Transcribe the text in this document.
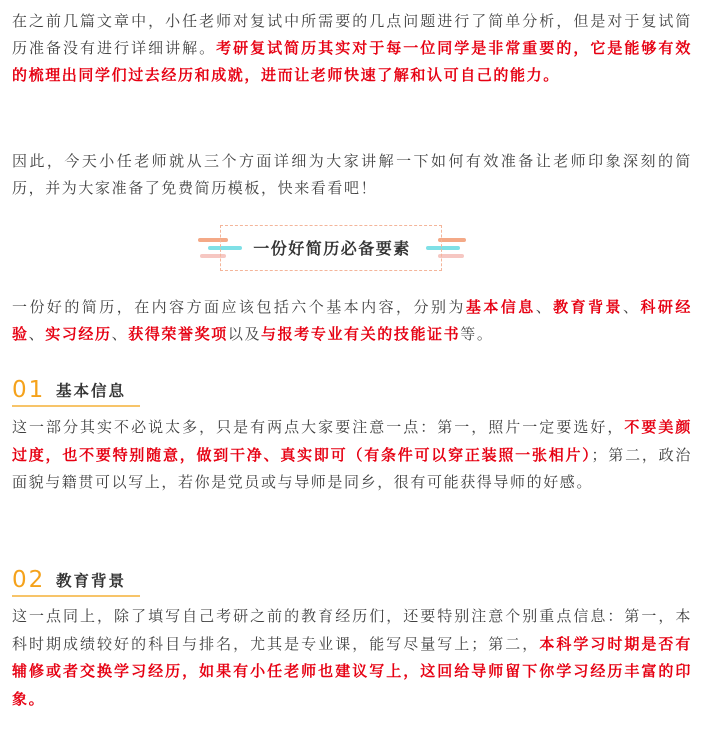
在之前几篇文章中，小任老师对复试中所需要的几点问题进行了简单分析，但是对于复试简历准备没有进行详细讲解。考研复试简历其实对于每一位同学是非常重要的，它是能够有效的梳理出同学们过去经历和成就，进而让老师快速了解和认可自己的能力。
因此，今天小任老师就从三个方面详细为大家讲解一下如何有效准备让老师印象深刻的简历，并为大家准备了免费简历模板，快来看看吧！
一份好简历必备要素
一份好的简历，在内容方面应该包括六个基本内容，分别为基本信息、教育背景、科研经验、实习经历、获得荣誉奖项以及与报考专业有关的技能证书等。
01 基本信息
这一部分其实不必说太多，只是有两点大家要注意一点：第一，照片一定要选好，不要美颜过度，也不要特别随意，做到干净、真实即可（有条件可以穿正装照一张相片）；第二，政治面貌与籍贯可以写上，若你是党员或与导师是同乡，很有可能获得导师的好感。
02 教育背景
这一点同上，除了填写自己考研之前的教育经历们，还要特别注意个别重点信息：第一，本科时期成绩较好的科目与排名，尤其是专业课，能写尽量写上；第二，本科学习时期是否有辅修或者交换学习经历，如果有小任老师也建议写上，这回给导师留下你学习经历丰富的印象。
